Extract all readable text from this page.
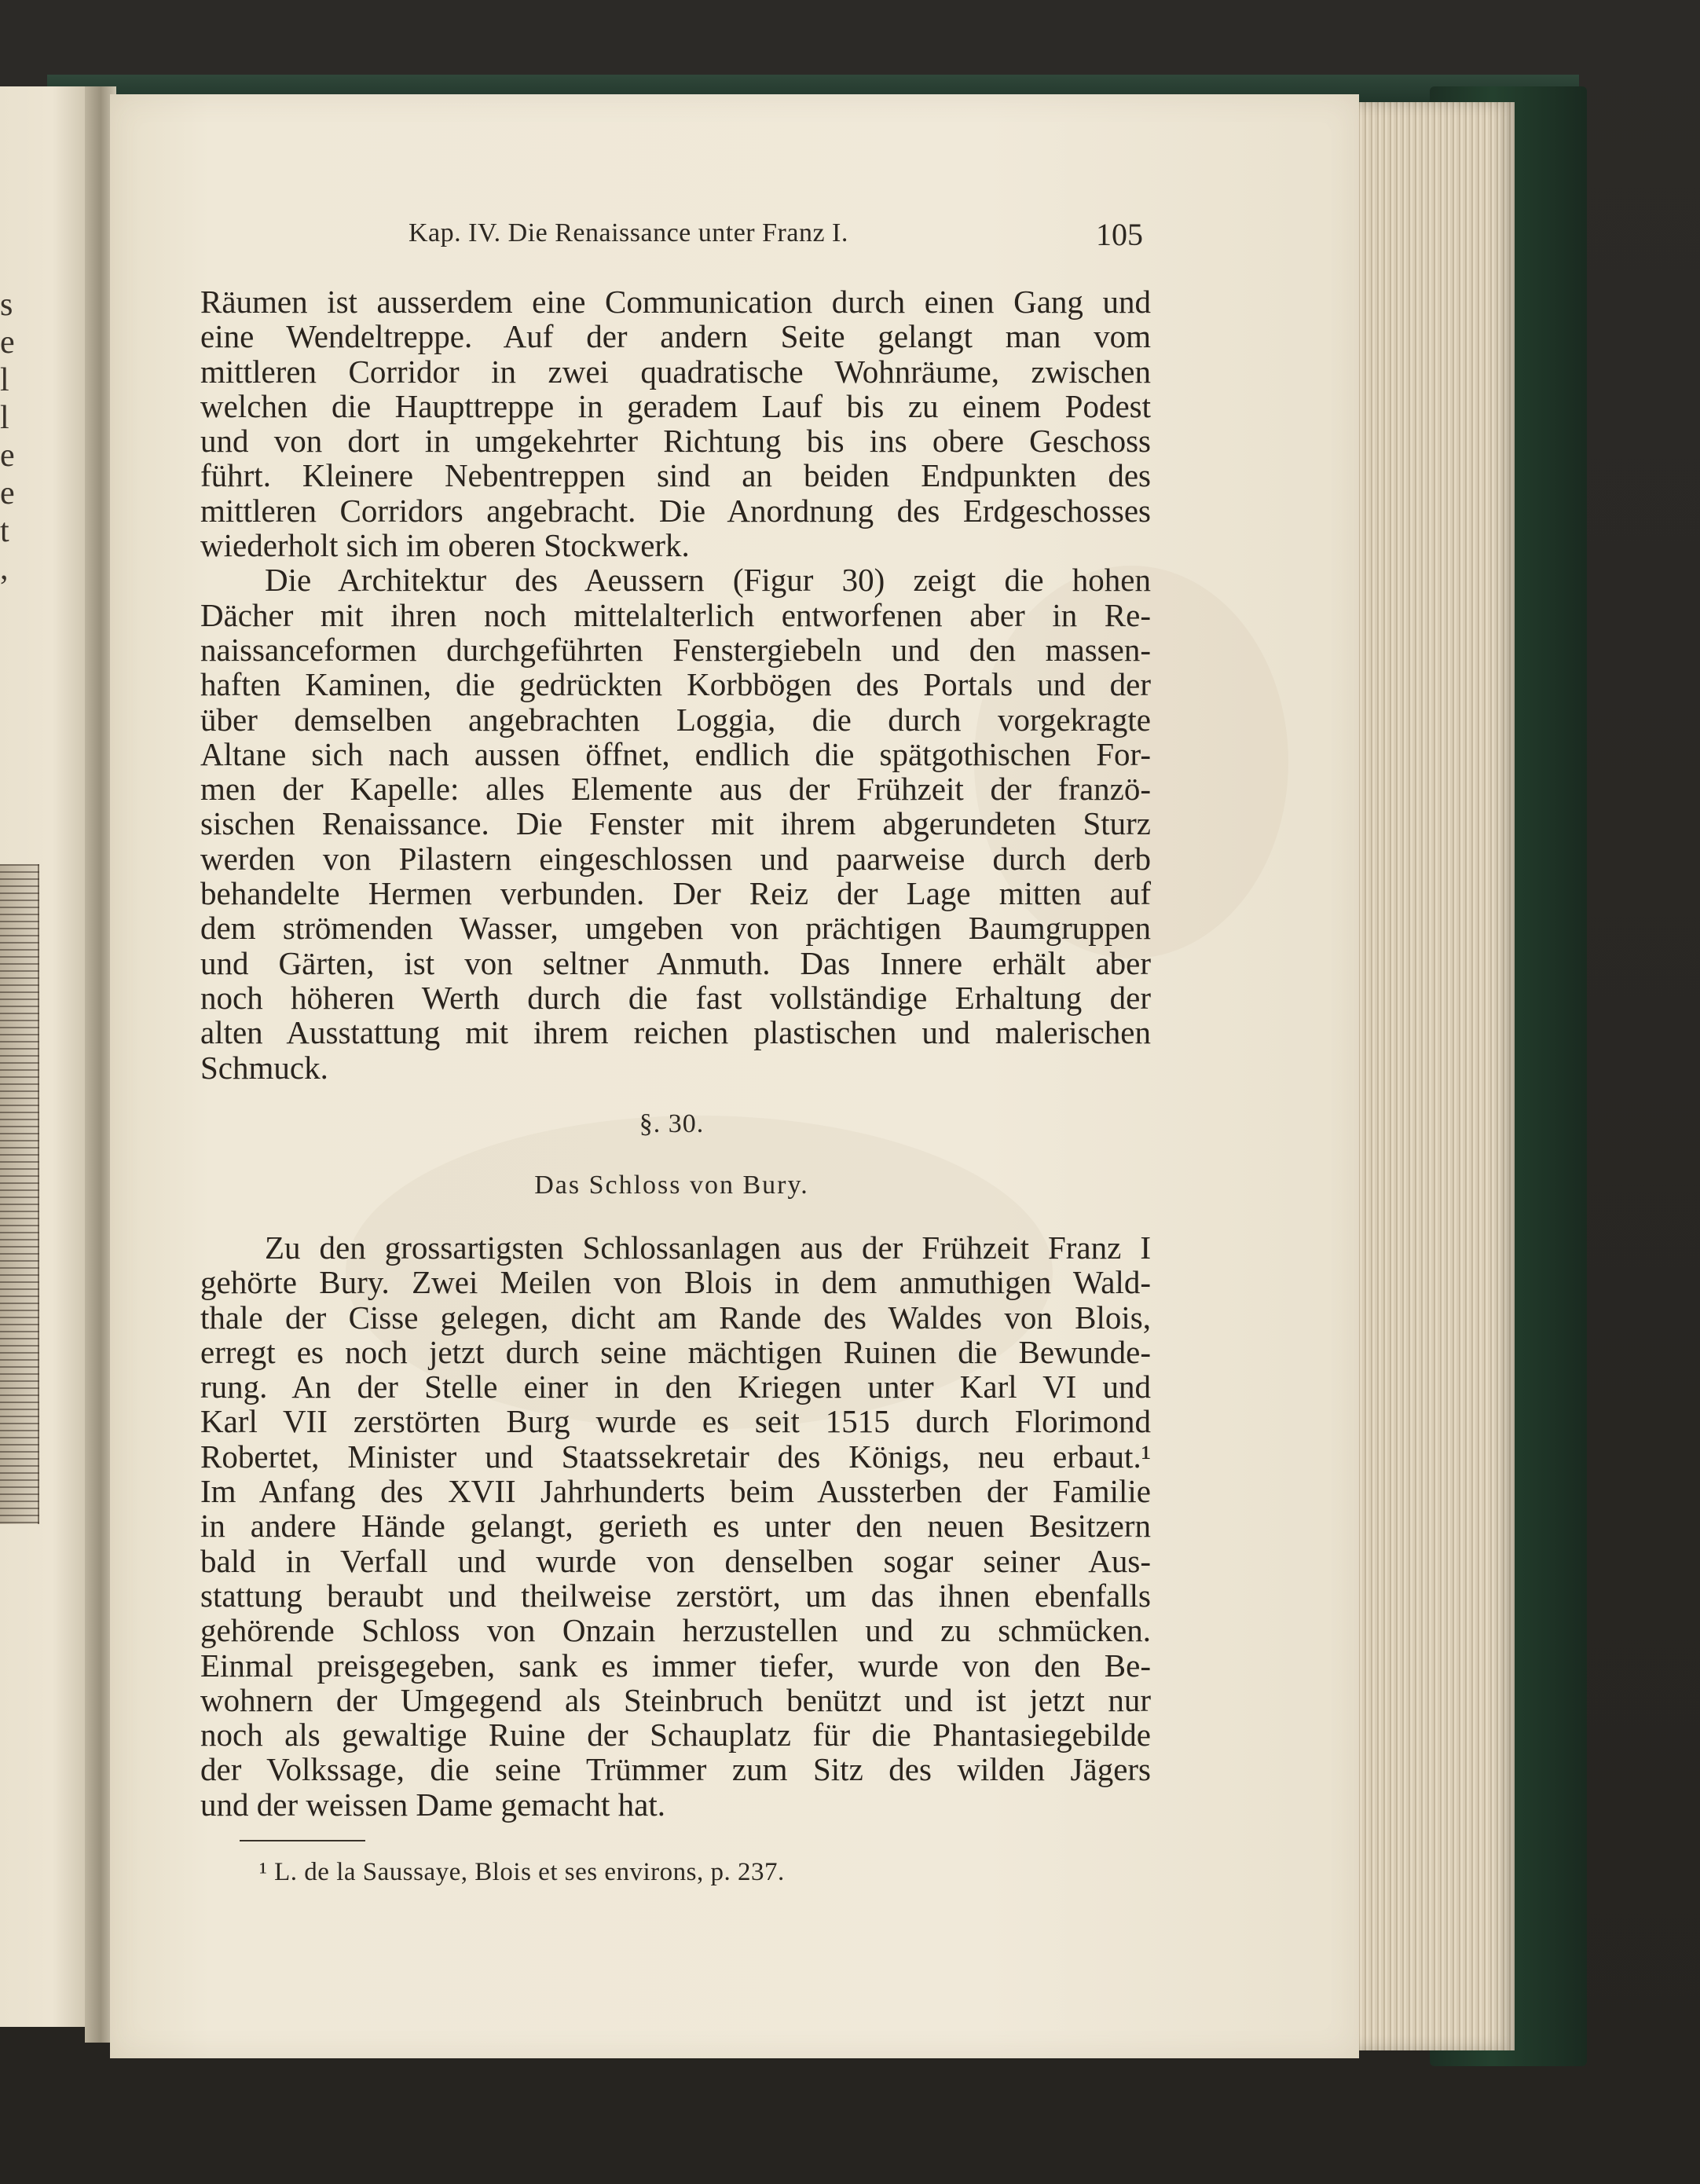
s
e
l
l
e
e
t
,
Kap. IV. Die Renaissance unter Franz I.	105
Räumen ist ausserdem eine Communication durch einen Gang und
eine Wendeltreppe. Auf der andern Seite gelangt man vom
mittleren Corridor in zwei quadratische Wohnräume, zwischen
welchen die Haupttreppe in geradem Lauf bis zu einem Podest
und von dort in umgekehrter Richtung bis ins obere Geschoss
führt. Kleinere Nebentreppen sind an beiden Endpunkten des
mittleren Corridors angebracht. Die Anordnung des Erdgeschosses
wiederholt sich im oberen Stockwerk.
Die Architektur des Aeussern (Figur 30) zeigt die hohen
Dächer mit ihren noch mittelalterlich entworfenen aber in Re-
naissanceformen durchgeführten Fenstergiebeln und den massen-
haften Kaminen, die gedrückten Korbbögen des Portals und der
über demselben angebrachten Loggia, die durch vorgekragte
Altane sich nach aussen öffnet, endlich die spätgothischen For-
men der Kapelle: alles Elemente aus der Frühzeit der franzö-
sischen Renaissance. Die Fenster mit ihrem abgerundeten Sturz
werden von Pilastern eingeschlossen und paarweise durch derb
behandelte Hermen verbunden. Der Reiz der Lage mitten auf
dem strömenden Wasser, umgeben von prächtigen Baumgruppen
und Gärten, ist von seltner Anmuth. Das Innere erhält aber
noch höheren Werth durch die fast vollständige Erhaltung der
alten Ausstattung mit ihrem reichen plastischen und malerischen
Schmuck.
§. 30.
Das Schloss von Bury.
Zu den grossartigsten Schlossanlagen aus der Frühzeit Franz I
gehörte Bury. Zwei Meilen von Blois in dem anmuthigen Wald-
thale der Cisse gelegen, dicht am Rande des Waldes von Blois,
erregt es noch jetzt durch seine mächtigen Ruinen die Bewunde-
rung. An der Stelle einer in den Kriegen unter Karl VI und
Karl VII zerstörten Burg wurde es seit 1515 durch Florimond
Robertet, Minister und Staatssekretair des Königs, neu erbaut.¹
Im Anfang des XVII Jahrhunderts beim Aussterben der Familie
in andere Hände gelangt, gerieth es unter den neuen Besitzern
bald in Verfall und wurde von denselben sogar seiner Aus-
stattung beraubt und theilweise zerstört, um das ihnen ebenfalls
gehörende Schloss von Onzain herzustellen und zu schmücken.
Einmal preisgegeben, sank es immer tiefer, wurde von den Be-
wohnern der Umgegend als Steinbruch benützt und ist jetzt nur
noch als gewaltige Ruine der Schauplatz für die Phantasiegebilde
der Volkssage, die seine Trümmer zum Sitz des wilden Jägers
und der weissen Dame gemacht hat.
¹ L. de la Saussaye, Blois et ses environs, p. 237.
